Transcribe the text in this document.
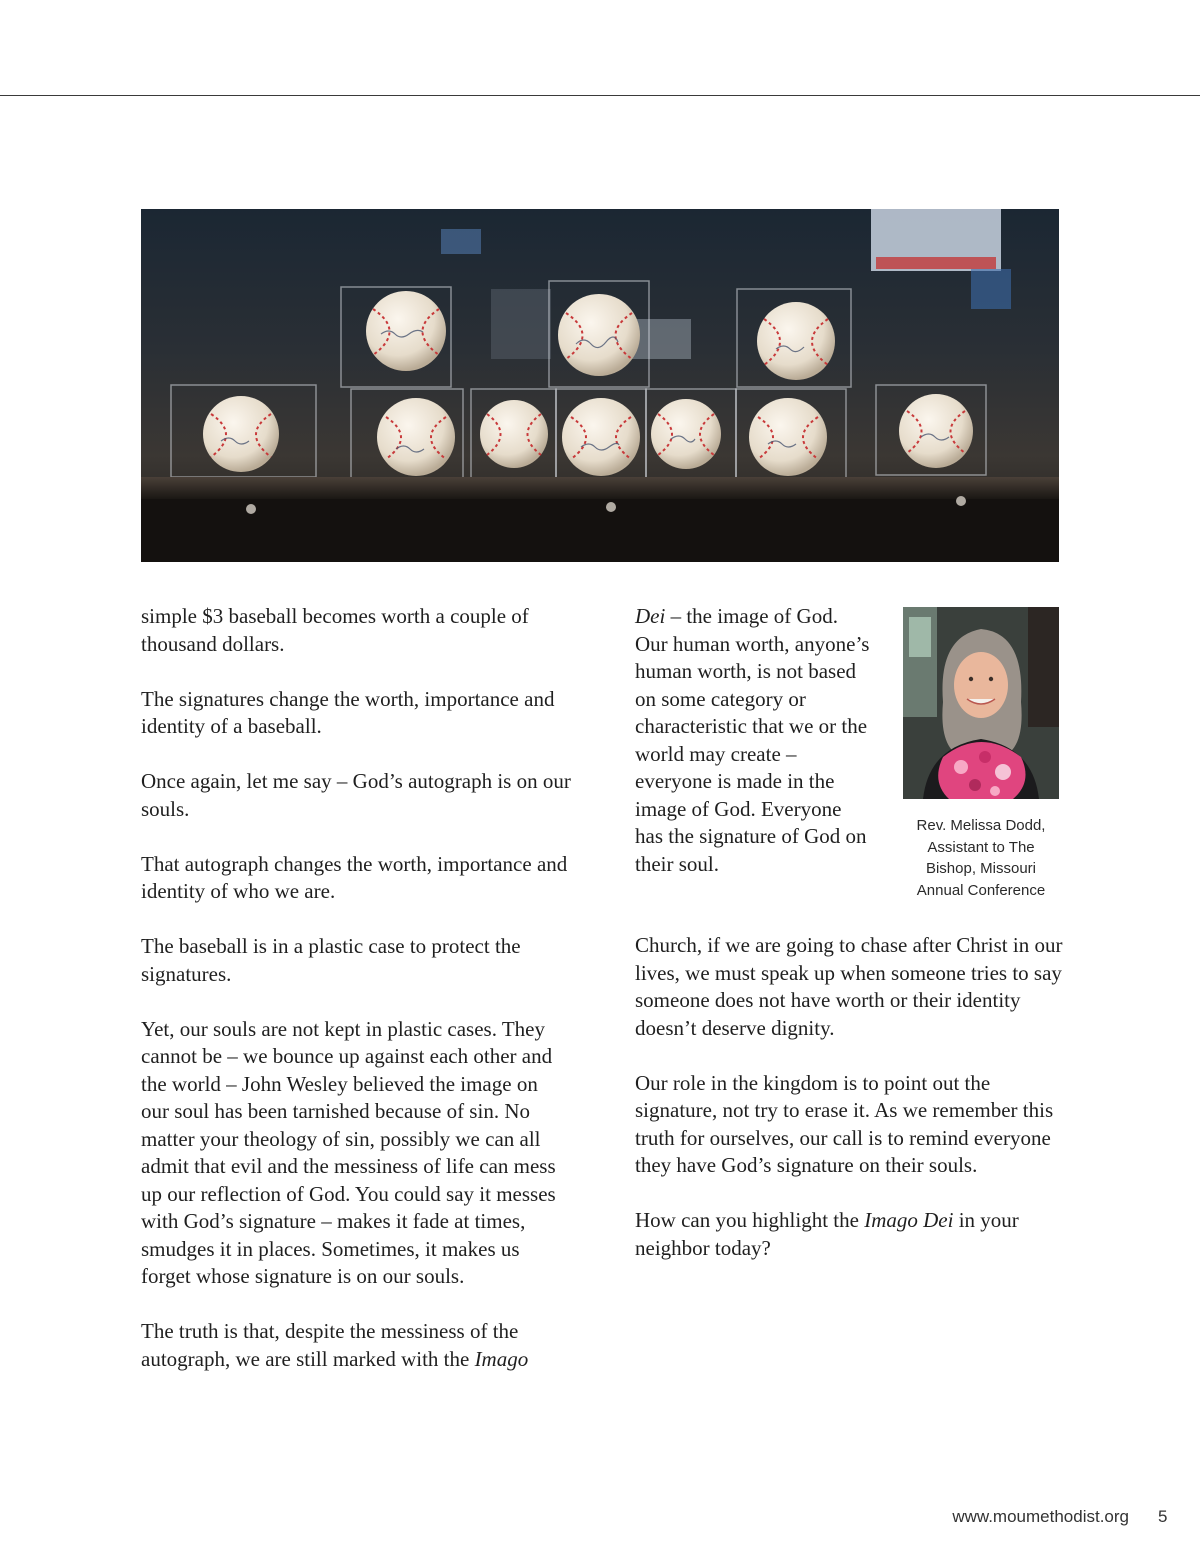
simple $3 baseball becomes worth a couple of thousand dollars.

The signatures change the worth, importance and identity of a baseball.

Once again, let me say – God’s autograph is on our souls.

That autograph changes the worth, importance and identity of who we are.

The baseball is in a plastic case to protect the signatures.

Yet, our souls are not kept in plastic cases. They cannot be – we bounce up against each other and the world – John Wesley believed the image on our soul has been tarnished because of sin. No matter your theology of sin, possibly we can all admit that evil and the messiness of life can mess up our reflection of God. You could say it messes with God’s signature – makes it fade at times, smudges it in places. Sometimes, it makes us forget whose signature is on our souls.

The truth is that, despite the messiness of the autograph, we are still marked with the Imago

Dei – the image of God. Our human worth, anyone’s human worth, is not based on some category or characteristic that we or the world may create – everyone is made in the image of God. Everyone has the signature of God on their soul.

Rev. Melissa Dodd,
Assistant to The
Bishop, Missouri
Annual Conference

Church, if we are going to chase after Christ in our lives, we must speak up when someone tries to say someone does not have worth or their identity doesn’t deserve dignity.

Our role in the kingdom is to point out the signature, not try to erase it. As we remember this truth for ourselves, our call is to remind everyone they have God’s signature on their souls.

How can you highlight the Imago Dei in your neighbor today?

www.moumethodist.org 5
